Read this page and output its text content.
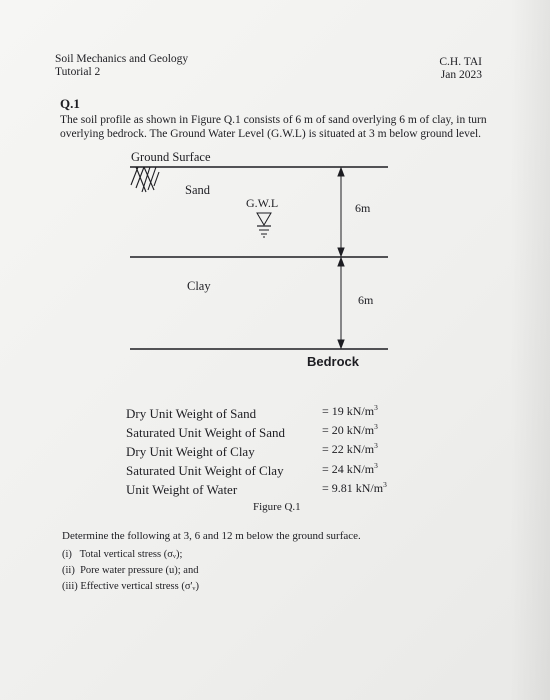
Soil Mechanics and Geology
Tutorial 2
C.H. TAI
Jan 2023
Q.1
The soil profile as shown in Figure Q.1 consists of 6 m of sand overlying 6 m of clay, in turn
overlying bedrock. The Ground Water Level (G.W.L) is situated at 3 m below ground level.
Ground Surface
Sand
G.W.L	6m
Clay
6m
Bedrock
Dry Unit Weight of Sand
Saturated Unit Weight of Sand
Dry Unit Weight of Clay
Saturated Unit Weight of Clay
Unit Weight of Water
= 19 $kN/m^3$
= 20 $kN/m^3$
= 22 $kN/m^3$
= 24 $kN/m^3$
= 9.81 $kN/m^3$
Figure Q.1
Determine the following at 3, 6 and 12 m below the ground surface.
(i)   Total vertical stress (σᵥ);
(ii)  Pore water pressure (u); and
(iii) Effective vertical stress (σ'ᵥ)
